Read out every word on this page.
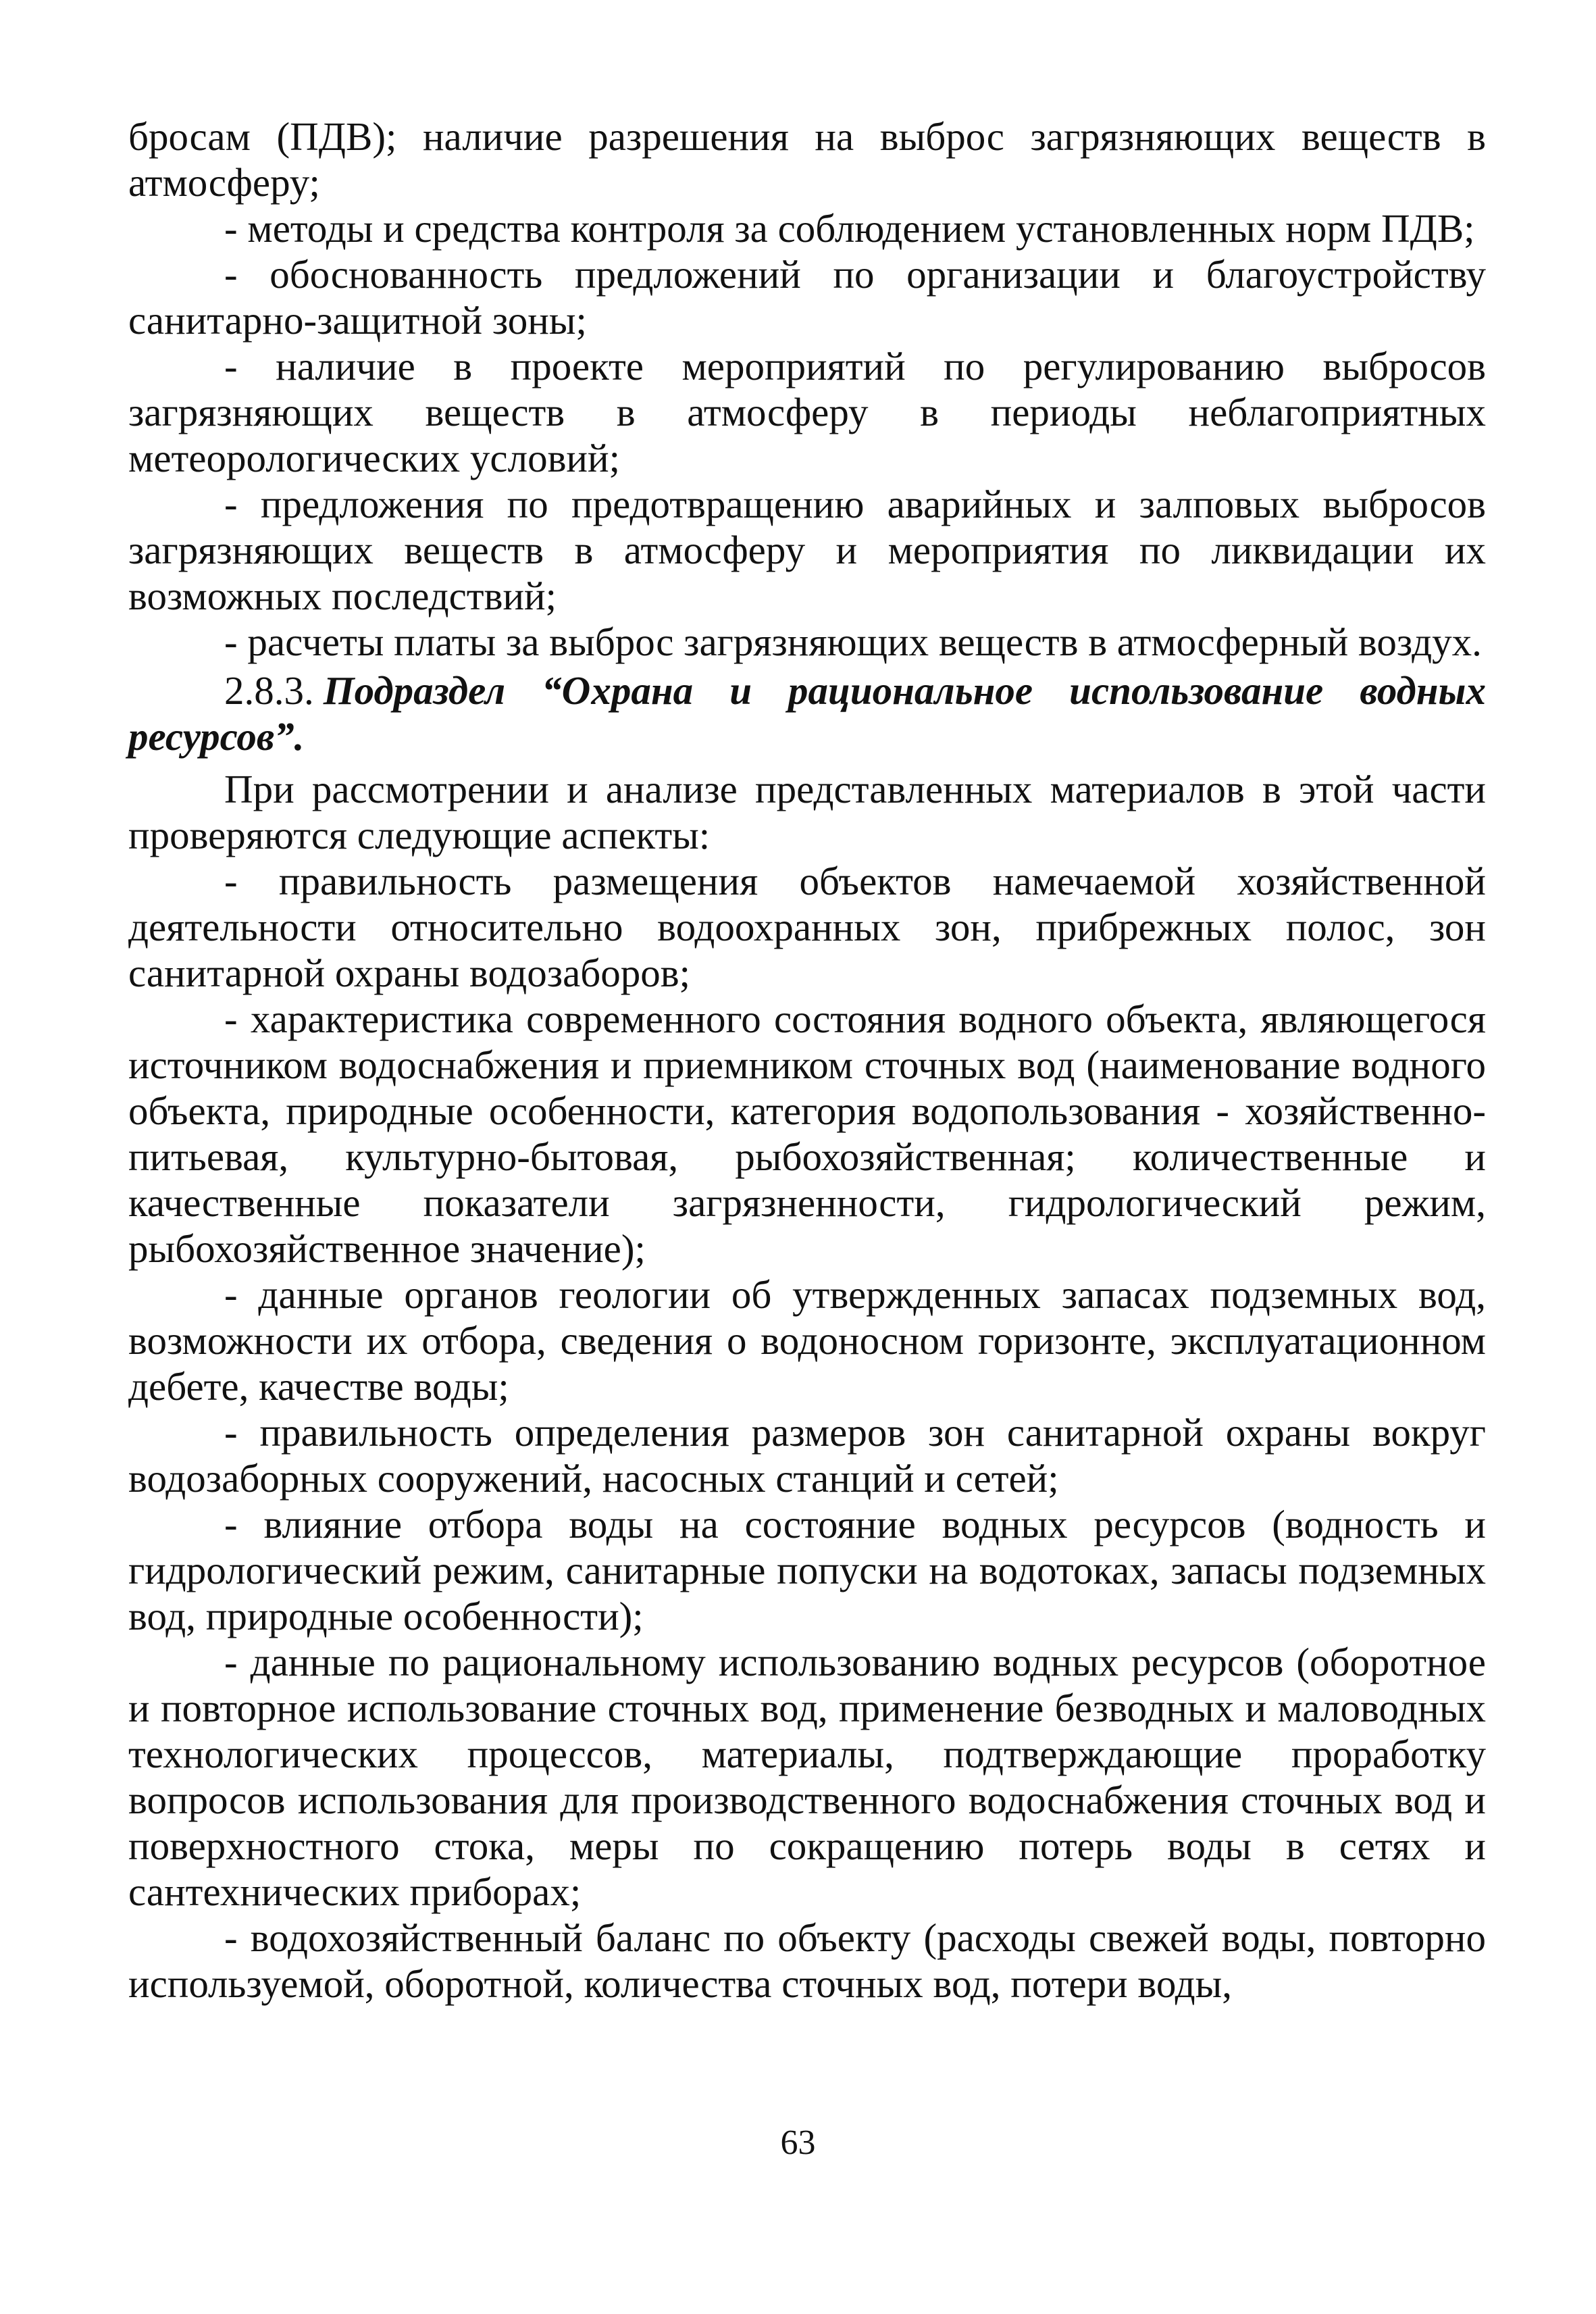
бросам (ПДВ); наличие разрешения на выброс загрязняющих веществ в атмосферу;

- методы и средства контроля за соблюдением установленных норм ПДВ;

- обоснованность предложений по организации и благоустройству санитарно-защитной зоны;

- наличие в проекте мероприятий по регулированию выбросов загрязняющих веществ в атмосферу в периоды неблагоприятных метеорологических условий;

- предложения по предотвращению аварийных и залповых выбросов загрязняющих веществ в атмосферу и мероприятия по ликвидации их возможных последствий;

- расчеты платы за выброс загрязняющих веществ в атмосферный воздух.

2.8.3. Подраздел “Охрана и рациональное использование водных ресурсов”.

При рассмотрении и анализе представленных материалов в этой части проверяются следующие аспекты:

- правильность размещения объектов намечаемой хозяйственной деятельности относительно водоохранных зон, прибрежных полос, зон санитарной охраны водозаборов;

- характеристика современного состояния водного объекта, являющегося источником водоснабжения и приемником сточных вод (наименование водного объекта, природные особенности, категория водопользования - хозяйственно-питьевая, культурно-бытовая, рыбохозяйственная; количественные и качественные показатели загрязненности, гидрологический режим, рыбохозяйственное значение);

- данные органов геологии об утвержденных запасах подземных вод, возможности их отбора, сведения о водоносном горизонте, эксплуатационном дебете, качестве воды;

- правильность определения размеров зон санитарной охраны вокруг водозаборных сооружений, насосных станций и сетей;

- влияние отбора воды на состояние водных ресурсов (водность и гидрологический режим, санитарные попуски на водотоках, запасы подземных вод, природные особенности);

- данные по рациональному использованию водных ресурсов (оборотное и повторное использование сточных вод, применение безводных и маловодных технологических процессов, материалы, подтверждающие проработку вопросов использования для производственного водоснабжения сточных вод и поверхностного стока, меры по сокращению потерь воды в сетях и сантехнических приборах;

- водохозяйственный баланс по объекту (расходы свежей воды, повторно используемой, оборотной, количества сточных вод, потери воды,

63
